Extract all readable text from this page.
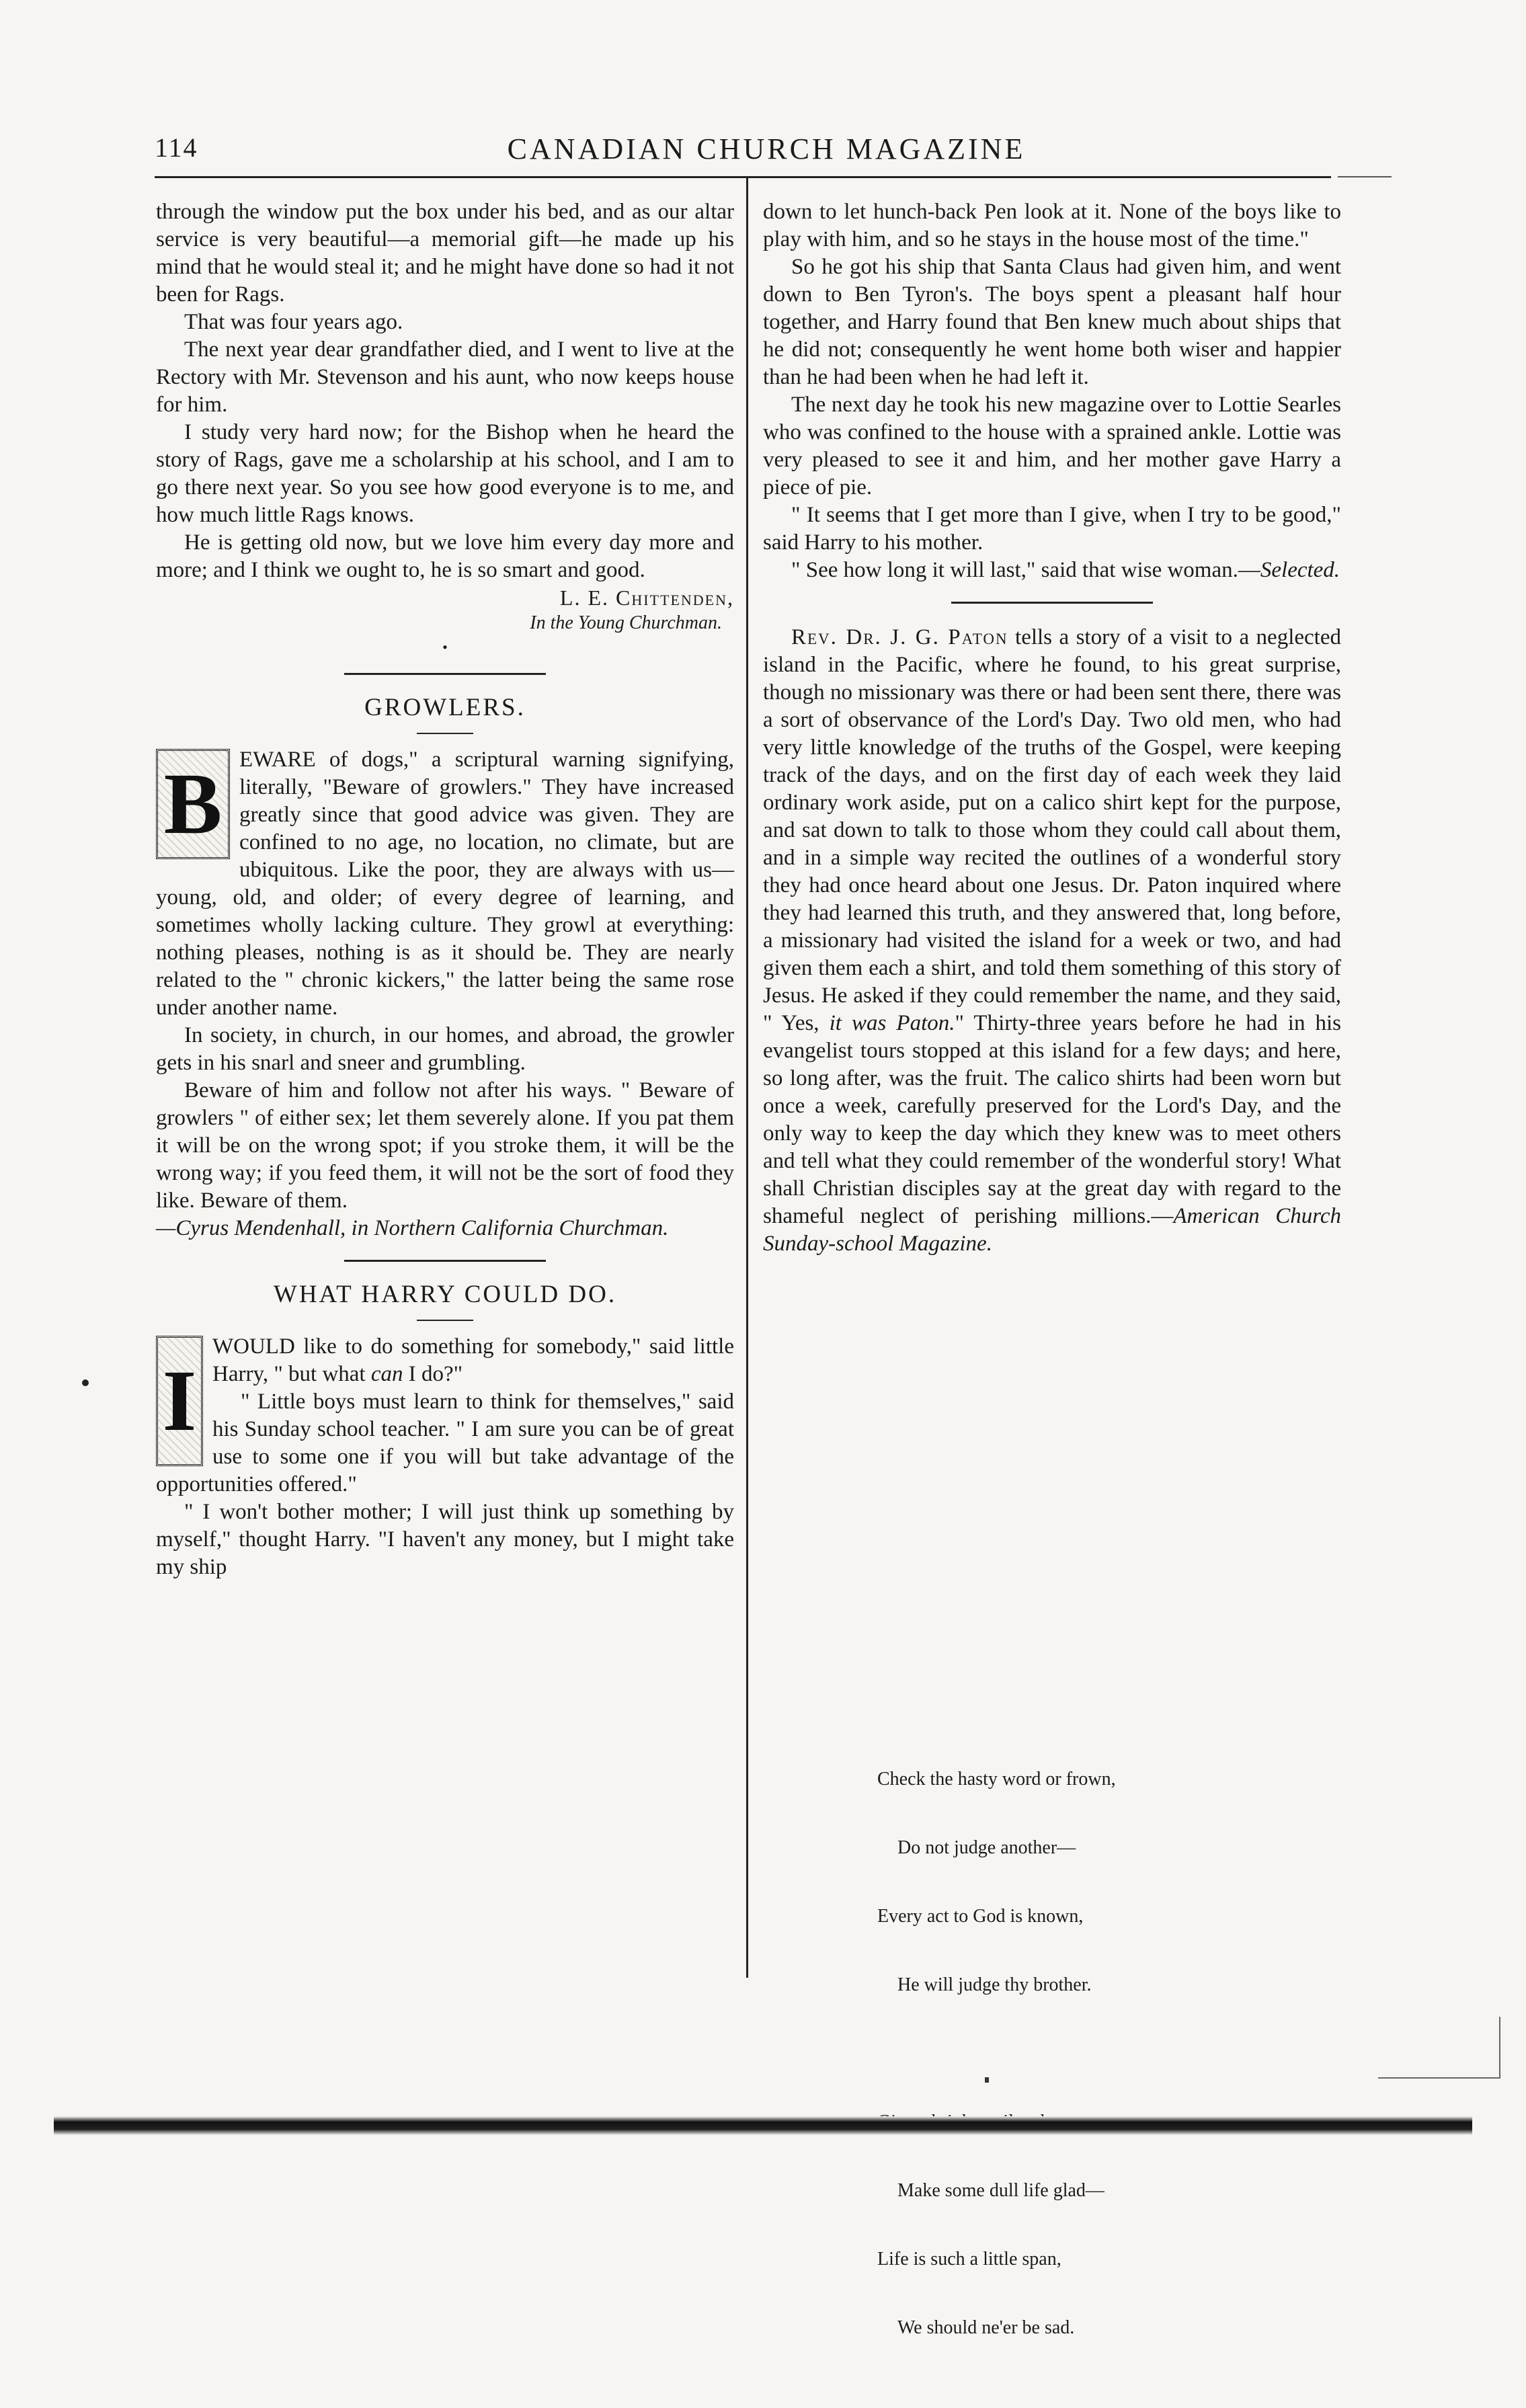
114	CANADIAN CHURCH MAGAZINE

through the window put the box under his bed, and as our altar service is very beautiful—a memorial gift—he made up his mind that he would steal it; and he might have done so had it not been for Rags.

That was four years ago.

The next year dear grandfather died, and I went to live at the Rectory with Mr. Stevenson and his aunt, who now keeps house for him.

I study very hard now; for the Bishop when he heard the story of Rags, gave me a scholarship at his school, and I am to go there next year. So you see how good everyone is to me, and how much little Rags knows.

He is getting old now, but we love him every day more and more; and I think we ought to, he is so smart and good.

L. E. Chittenden,
In the Young Churchman.
•
GROWLERS.
B EWARE of dogs," a scriptural warning signifying, literally, "Beware of growlers." They have increased greatly since that good advice was given. They are confined to no age, no location, no climate, but are ubiquitous. Like the poor, they are always with us—young, old, and older; of every degree of learning, and sometimes wholly lacking culture. They growl at everything: nothing pleases, nothing is as it should be. They are nearly related to the " chronic kickers," the latter being the same rose under another name.

In society, in church, in our homes, and abroad, the growler gets in his snarl and sneer and grumbling.

Beware of him and follow not after his ways. " Beware of growlers " of either sex; let them severely alone. If you pat them it will be on the wrong spot; if you stroke them, it will be the wrong way; if you feed them, it will not be the sort of food they like. Beware of them.

—Cyrus Mendenhall, in Northern California Churchman.

WHAT HARRY COULD DO.
I

WOULD like to do something for somebody," said little Harry, " but what can I do?"

" Little boys must learn to think for themselves," said his Sunday school teacher. " I am sure you can be of great use to some one if you will but take advantage of the opportunities offered."

" I won't bother mother; I will just think up something by myself," thought Harry. "I haven't any money, but I might take my ship

down to let hunch-back Pen look at it. None of the boys like to play with him, and so he stays in the house most of the time."

So he got his ship that Santa Claus had given him, and went down to Ben Tyron's. The boys spent a pleasant half hour together, and Harry found that Ben knew much about ships that he did not; consequently he went home both wiser and happier than he had been when he had left it.

The next day he took his new magazine over to Lottie Searles who was confined to the house with a sprained ankle. Lottie was very pleased to see it and him, and her mother gave Harry a piece of pie.

" It seems that I get more than I give, when I try to be good," said Harry to his mother.

" See how long it will last," said that wise woman.—Selected.

Rev. Dr. J. G. Paton tells a story of a visit to a neglected island in the Pacific, where he found, to his great surprise, though no missionary was there or had been sent there, there was a sort of observance of the Lord's Day. Two old men, who had very little knowledge of the truths of the Gospel, were keeping track of the days, and on the first day of each week they laid ordinary work aside, put on a calico shirt kept for the purpose, and sat down to talk to those whom they could call about them, and in a simple way recited the outlines of a wonderful story they had once heard about one Jesus. Dr. Paton inquired where they had learned this truth, and they answered that, long before, a missionary had visited the island for a week or two, and had given them each a shirt, and told them something of this story of Jesus. He asked if they could remember the name, and they said, " Yes, it was Paton." Thirty-three years before he had in his evangelist tours stopped at this island for a few days; and here, so long after, was the fruit. The calico shirts had been worn but once a week, carefully preserved for the Lord's Day, and the only way to keep the day which they knew was to meet others and tell what they could remember of the wonderful story! What shall Christian disciples say at the great day with regard to the shameful neglect of perishing millions.—American Church Sunday-school Magazine.

Check the hasty word or frown,

Do not judge another—

Every act to God is known,

He will judge thy brother.

Make some dull life glad—

Life is such a little span,

We should ne'er be sad.
